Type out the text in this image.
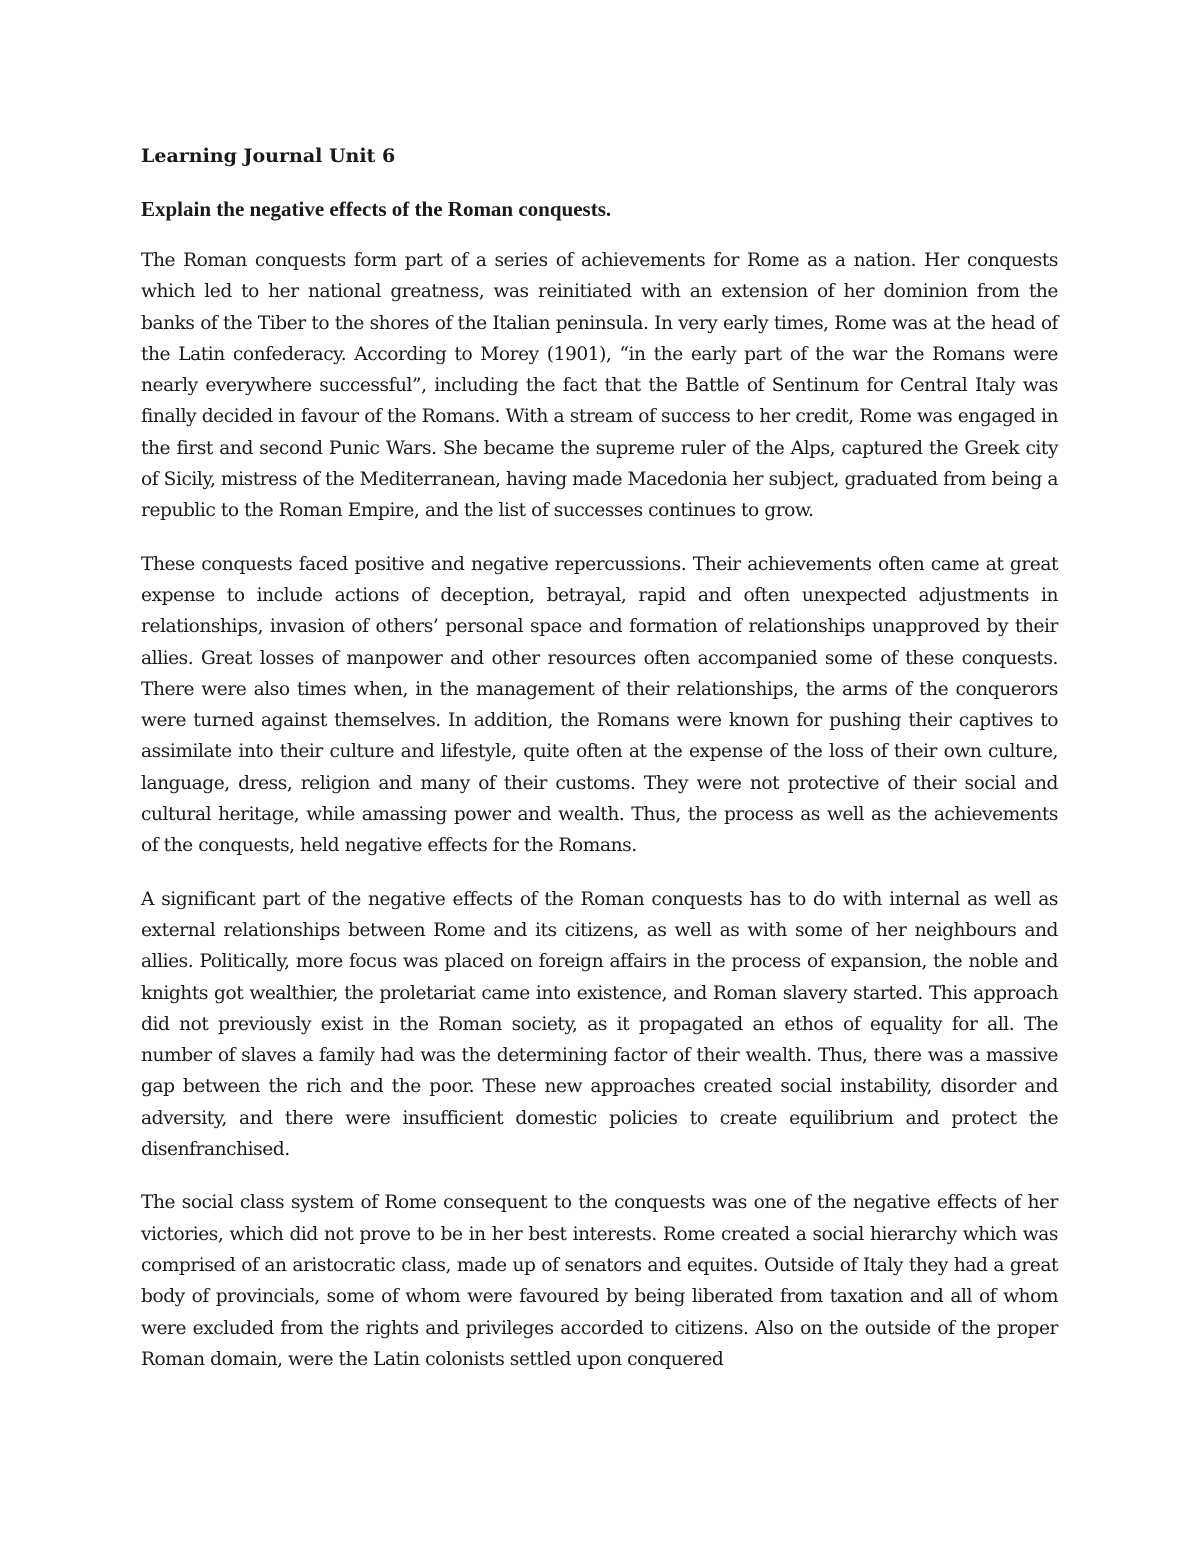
Learning Journal Unit 6
Explain the negative effects of the Roman conquests.

The Roman conquests form part of a series of achievements for Rome as a nation. Her conquests which led to her national greatness, was reinitiated with an extension of her dominion from the banks of the Tiber to the shores of the Italian peninsula. In very early times, Rome was at the head of the Latin confederacy. According to Morey (1901), “in the early part of the war the Romans were nearly everywhere successful”, including the fact that the Battle of Sentinum for Central Italy was finally decided in favour of the Romans. With a stream of success to her credit, Rome was engaged in the first and second Punic Wars. She became the supreme ruler of the Alps, captured the Greek city of Sicily, mistress of the Mediterranean, having made Macedonia her subject, graduated from being a republic to the Roman Empire, and the list of successes continues to grow.

These conquests faced positive and negative repercussions. Their achievements often came at great expense to include actions of deception, betrayal, rapid and often unexpected adjustments in relationships, invasion of others’ personal space and formation of relationships unapproved by their allies. Great losses of manpower and other resources often accompanied some of these conquests. There were also times when, in the management of their relationships, the arms of the conquerors were turned against themselves. In addition, the Romans were known for pushing their captives to assimilate into their culture and lifestyle, quite often at the expense of the loss of their own culture, language, dress, religion and many of their customs. They were not protective of their social and cultural heritage, while amassing power and wealth. Thus, the process as well as the achievements of the conquests, held negative effects for the Romans.

A significant part of the negative effects of the Roman conquests has to do with internal as well as external relationships between Rome and its citizens, as well as with some of her neighbours and allies. Politically, more focus was placed on foreign affairs in the process of expansion, the noble and knights got wealthier, the proletariat came into existence, and Roman slavery started. This approach did not previously exist in the Roman society, as it propagated an ethos of equality for all. The number of slaves a family had was the determining factor of their wealth. Thus, there was a massive gap between the rich and the poor. These new approaches created social instability, disorder and adversity, and there were insufficient domestic policies to create equilibrium and protect the disenfranchised.

The social class system of Rome consequent to the conquests was one of the negative effects of her victories, which did not prove to be in her best interests. Rome created a social hierarchy which was comprised of an aristocratic class, made up of senators and equites. Outside of Italy they had a great body of provincials, some of whom were favoured by being liberated from taxation and all of whom were excluded from the rights and privileges accorded to citizens. Also on the outside of the proper Roman domain, were the Latin colonists settled upon conquered
